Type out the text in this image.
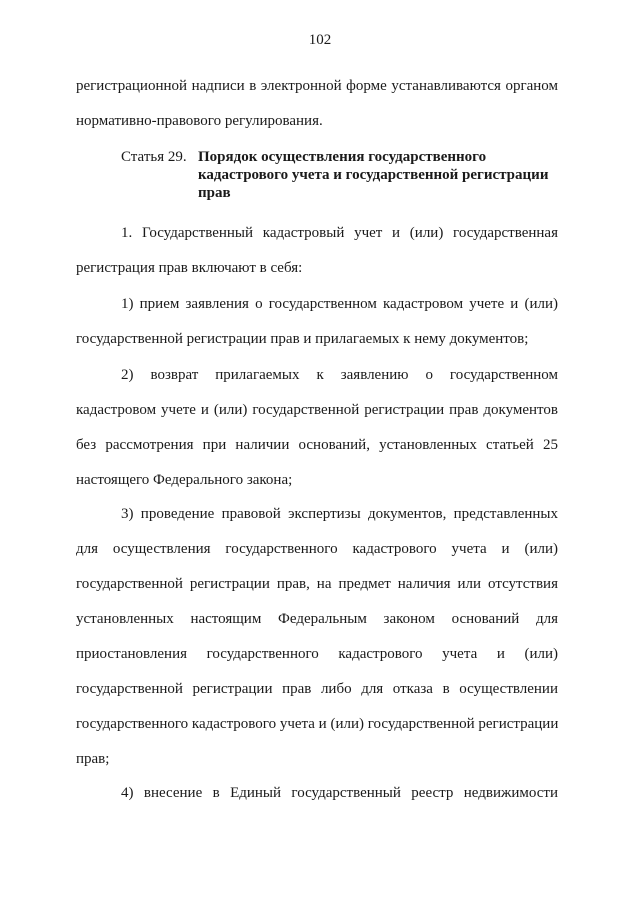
102
регистрационной надписи в электронной форме устанавливаются органом
нормативно-правового регулирования.
Статья 29. Порядок осуществления государственного
кадастрового учета и государственной регистрации
прав
1. Государственный кадастровый учет и (или) государственная
регистрация прав включают в себя:
1) прием заявления о государственном кадастровом учете и (или)
государственной регистрации прав и прилагаемых к нему документов;
2) возврат прилагаемых к заявлению о государственном
кадастровом учете и (или) государственной регистрации прав документов
без рассмотрения при наличии оснований, установленных статьей 25
настоящего Федерального закона;
3) проведение правовой экспертизы документов, представленных
для осуществления государственного кадастрового учета и (или)
государственной регистрации прав, на предмет наличия или отсутствия
установленных настоящим Федеральным законом оснований для
приостановления государственного кадастрового учета и (или)
государственной регистрации прав либо для отказа в осуществлении
государственного кадастрового учета и (или) государственной регистрации
прав;
4) внесение в Единый государственный реестр недвижимости
